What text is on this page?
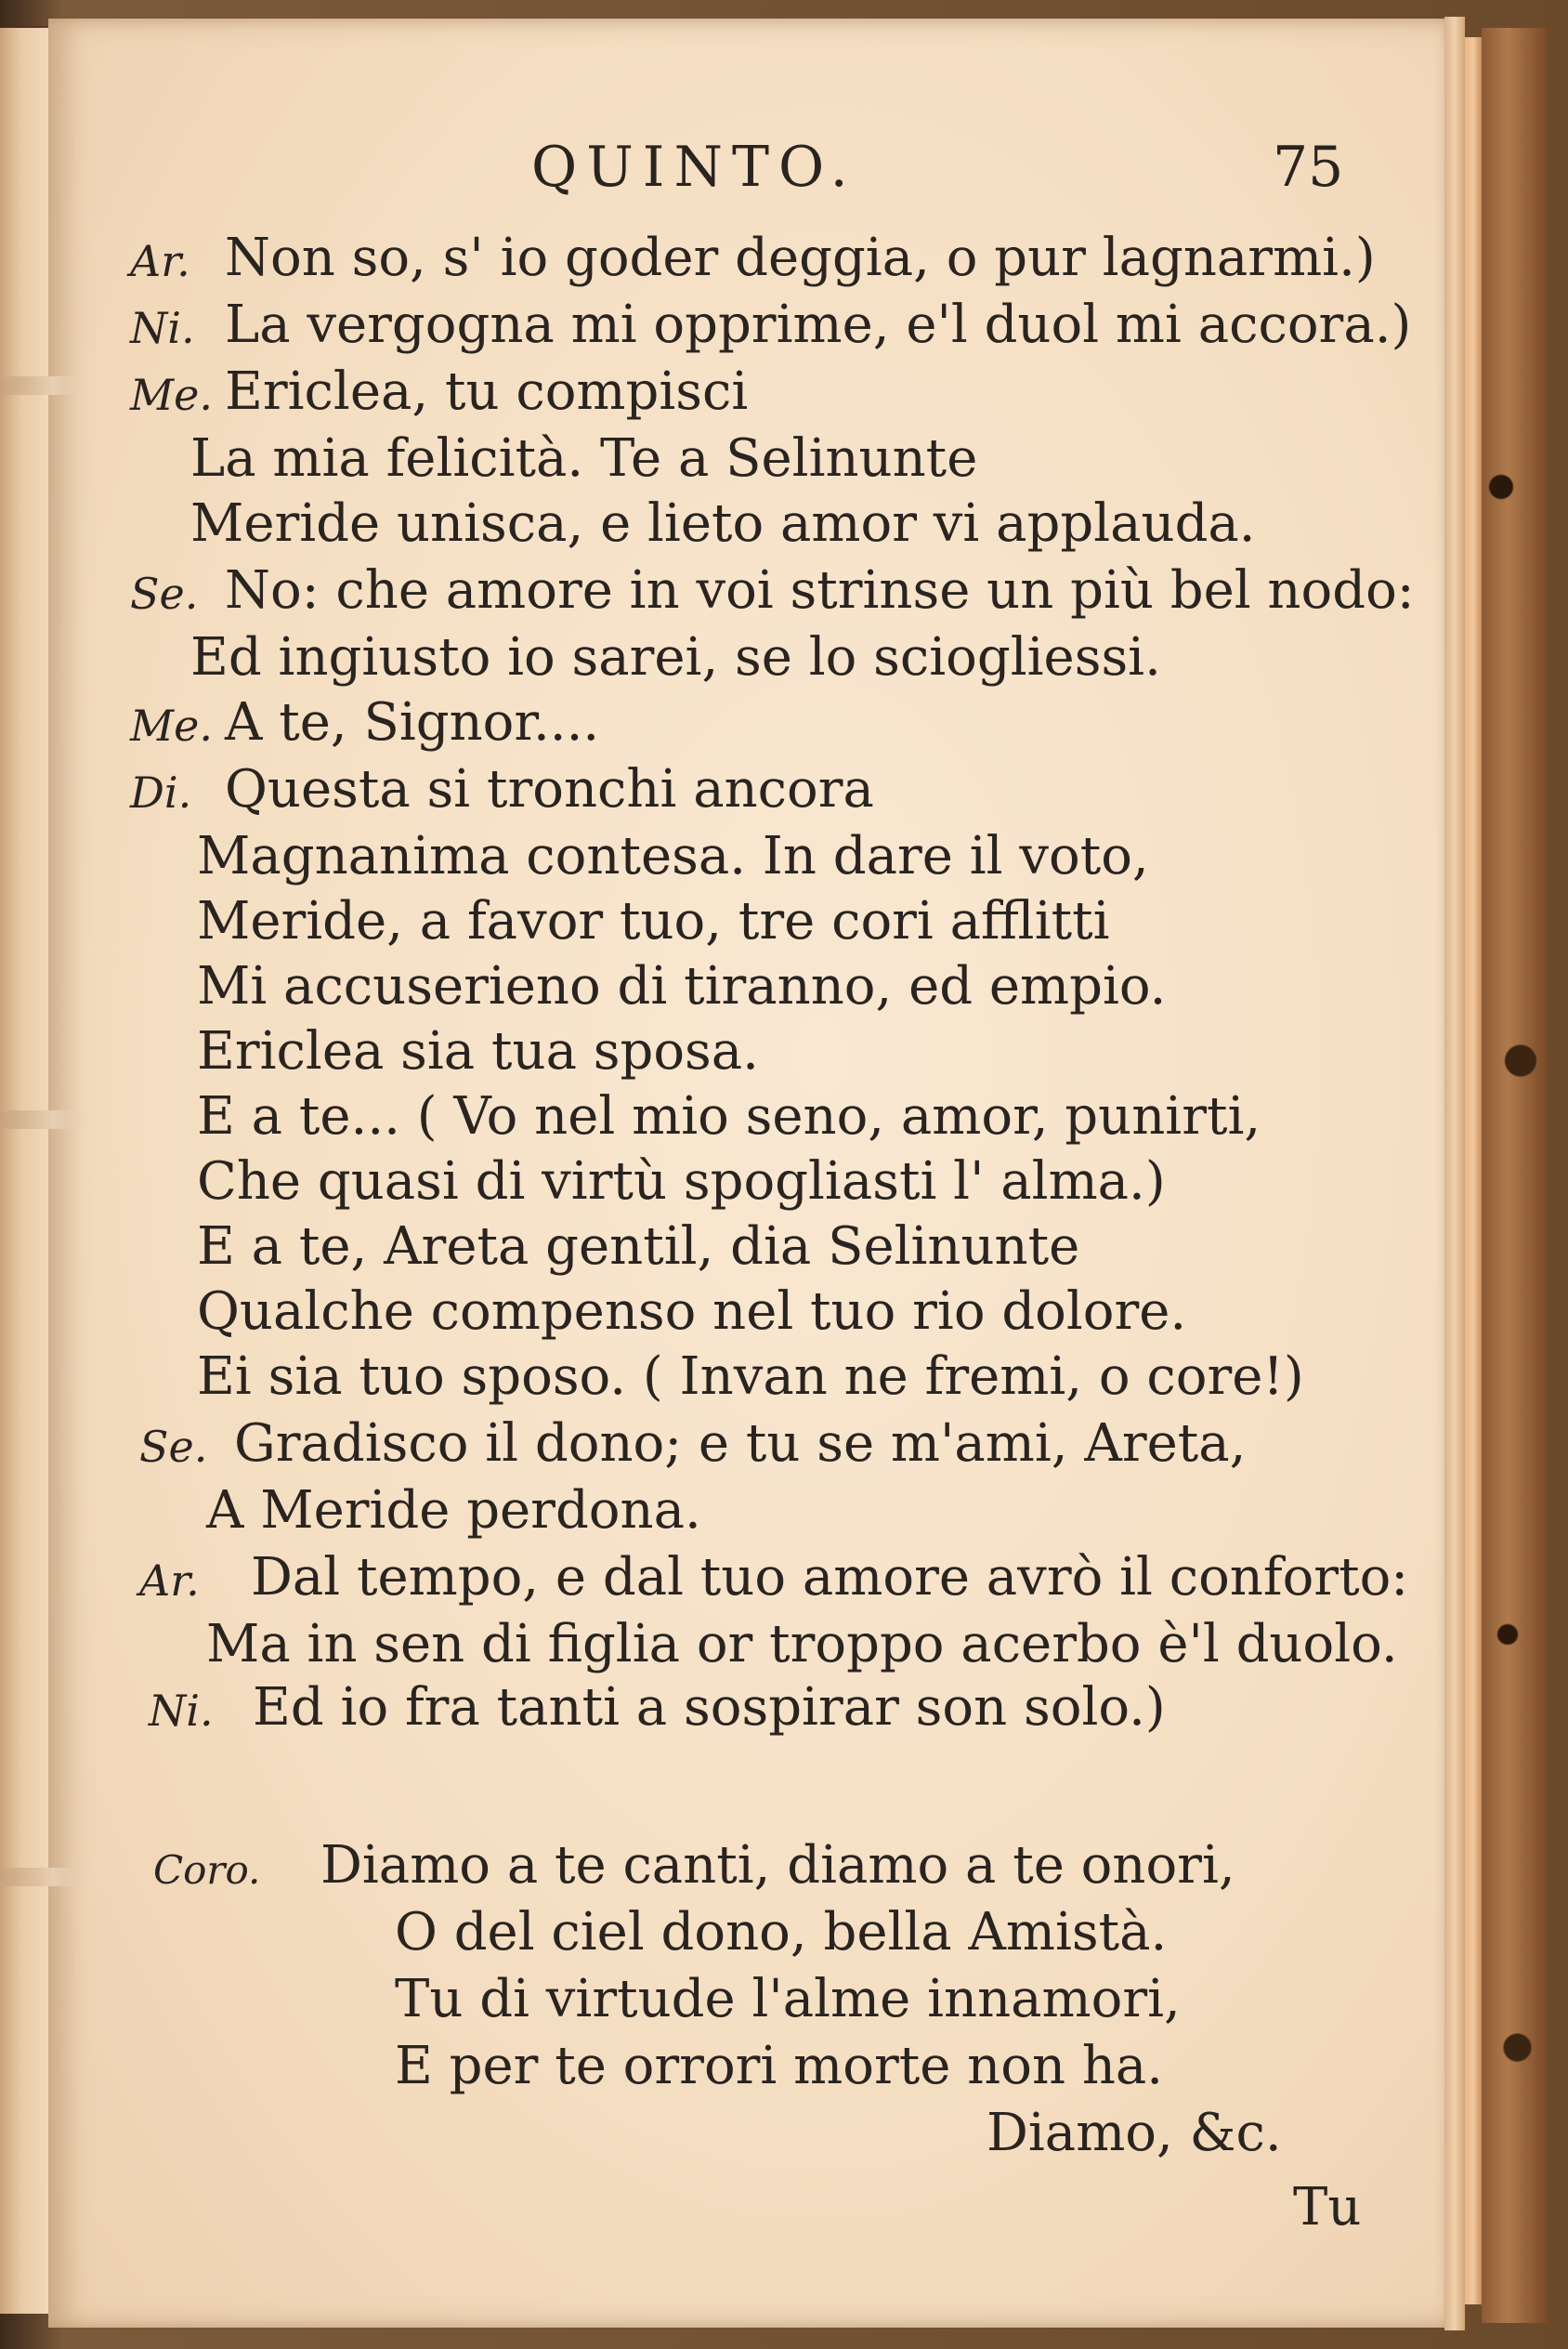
QUINTO.	75
Ar. Non so, s' io goder deggia, o pur lagnarmi.)
Ni. La vergogna mi opprime, e'l duol mi accora.)
Me. Ericlea, tu compisci
La mia felicità. Te a Selinunte
Meride unisca, e lieto amor vi applauda.
Se. No: che amore in voi strinse un più bel nodo:
Ed ingiusto io sarei, se lo sciogliessi.
Me. A te, Signor....
Di. Questa si tronchi ancora
Magnanima contesa. In dare il voto,
Meride, a favor tuo, tre cori afflitti
Mi accuserieno di tiranno, ed empio.
Ericlea sia tua sposa.
E a te... ( Vo nel mio seno, amor, punirti,
Che quasi di virtù spogliasti l' alma.)
E a te, Areta gentil, dia Selinunte
Qualche compenso nel tuo rio dolore.
Ei sia tuo sposo. ( Invan ne fremi, o core!)
Se. Gradisco il dono; e tu se m'ami, Areta,
A Meride perdona.
Ar. Dal tempo, e dal tuo amore avrò il conforto:
Ma in sen di figlia or troppo acerbo è'l duolo.
Ni. Ed io fra tanti a sospirar son solo.)
Coro. Diamo a te canti, diamo a te onori,
O del ciel dono, bella Amistà.
Tu di virtude l'alme innamori,
E per te orrori morte non ha.
Diamo, &c.
Tu
